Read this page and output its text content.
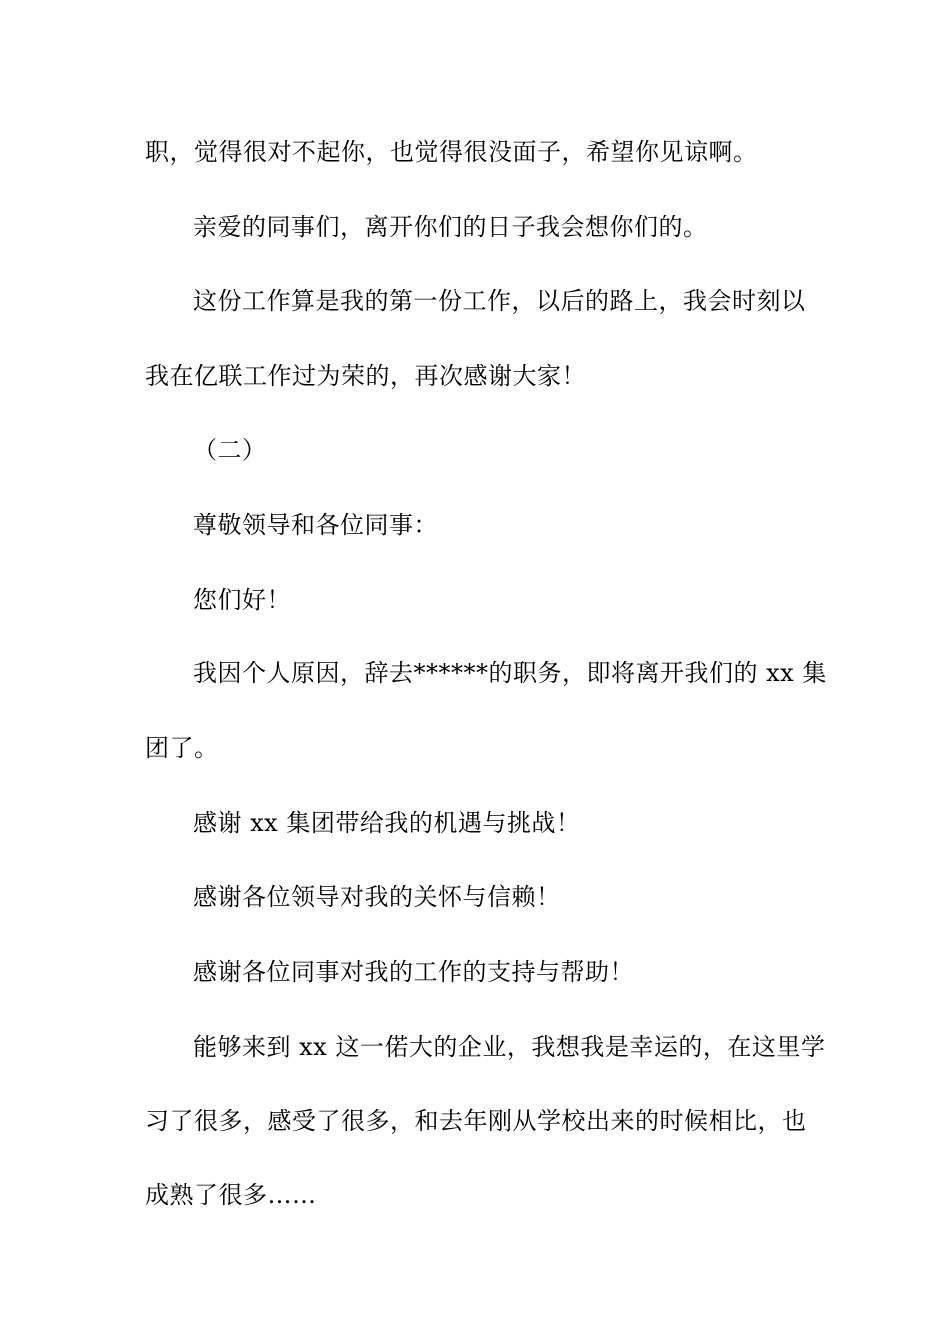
职，觉得很对不起你，也觉得很没面子，希望你见谅啊。
亲爱的同事们，离开你们的日子我会想你们的。
这份工作算是我的第一份工作，以后的路上，我会时刻以
我在亿联工作过为荣的，再次感谢大家！
（二）
尊敬领导和各位同事：
您们好！
我因个人原因，辞去******的职务，即将离开我们的 xx 集
团了。
感谢 xx 集团带给我的机遇与挑战！
感谢各位领导对我的关怀与信赖！
感谢各位同事对我的工作的支持与帮助！
能够来到 xx 这一偌大的企业，我想我是幸运的，在这里学
习了很多，感受了很多，和去年刚从学校出来的时候相比，也
成熟了很多……
